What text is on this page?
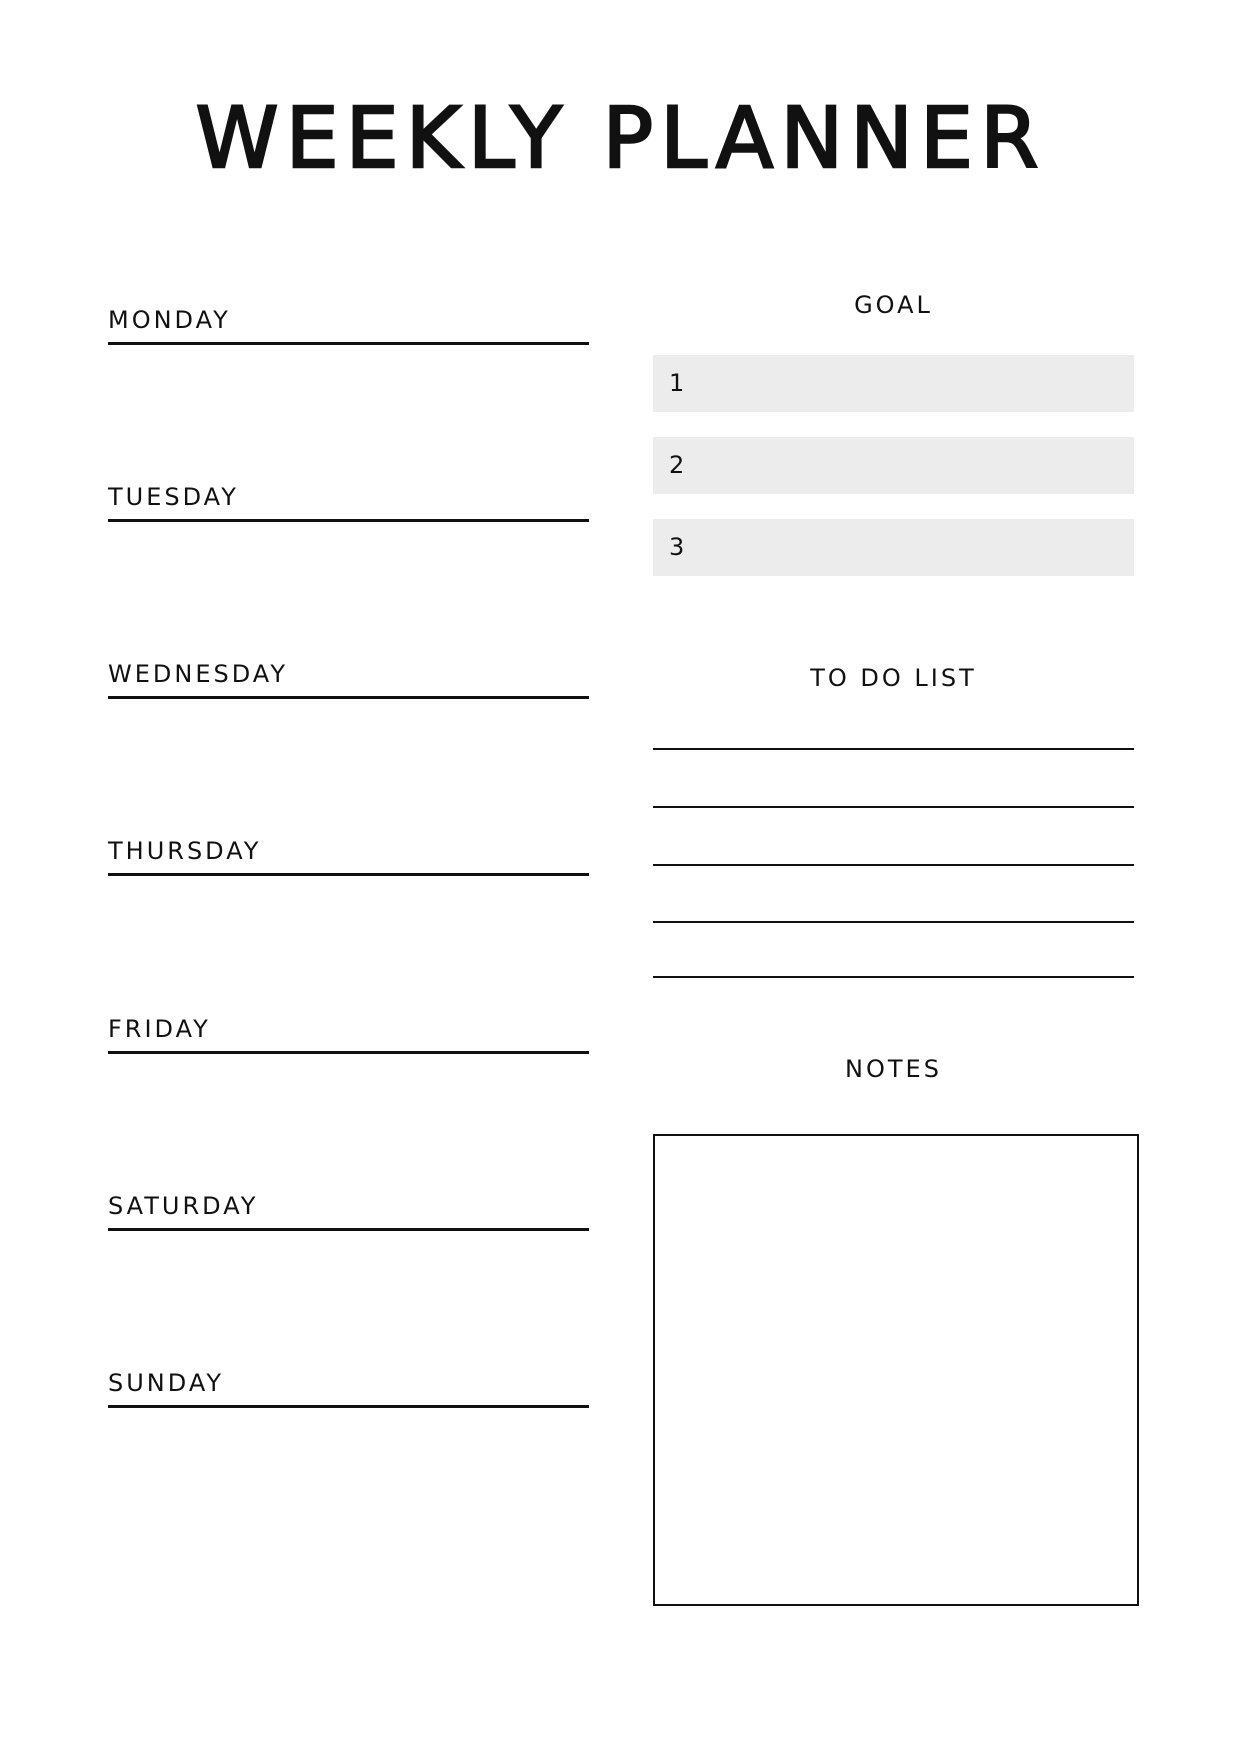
WEEKLY PLANNER
MONDAY
TUESDAY
WEDNESDAY
THURSDAY
FRIDAY
SATURDAY
SUNDAY
GOAL
1
2
3
TO DO LIST
NOTES
